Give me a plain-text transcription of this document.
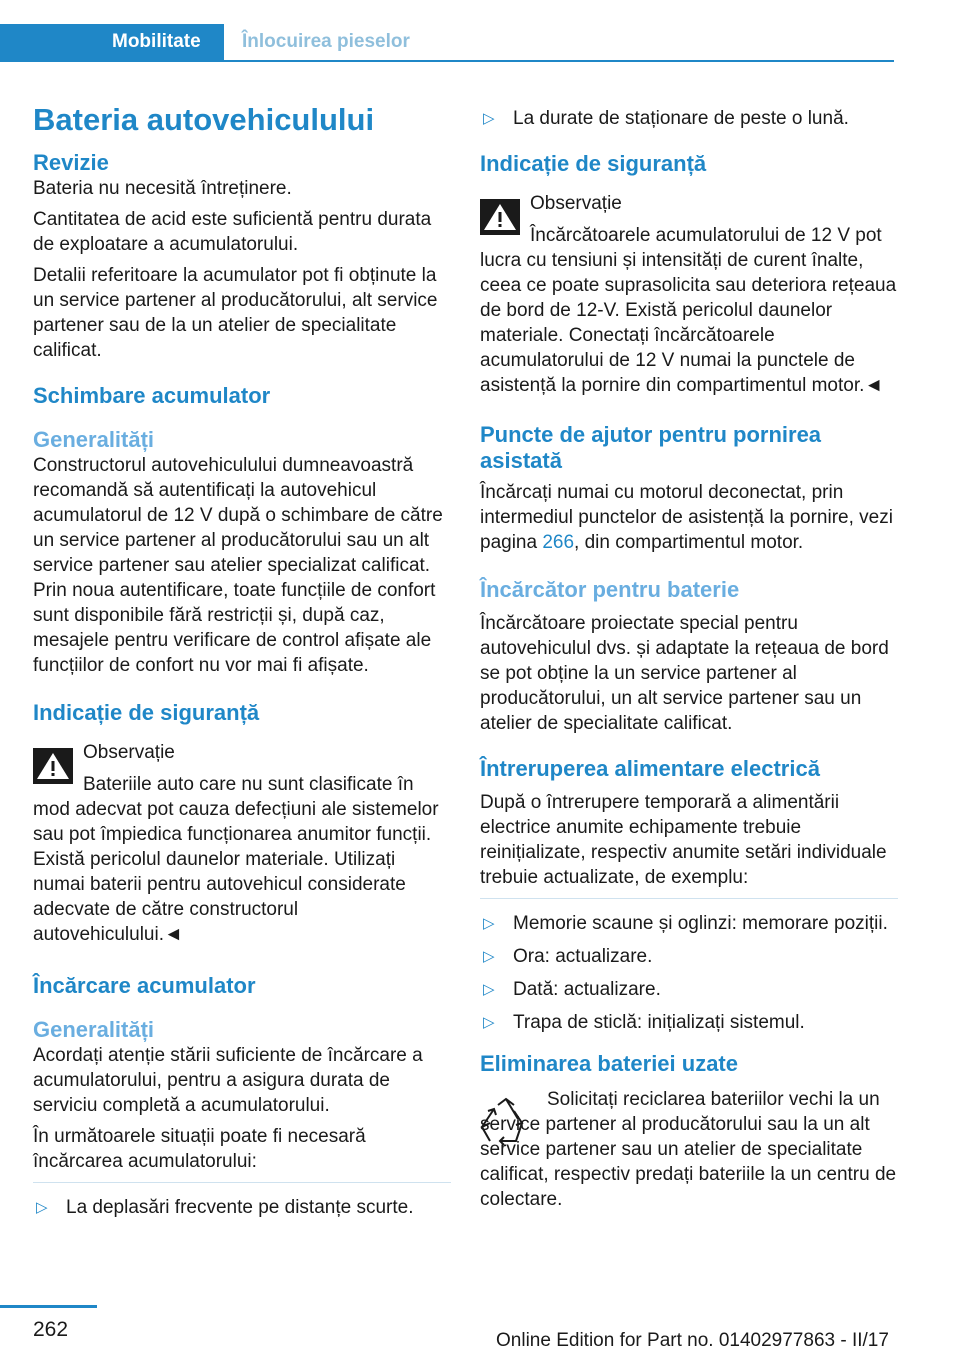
Mobilitate Înlocuirea pieselor
Bateria autovehiculului
Revizie

Bateria nu necesită întreținere.

Cantitatea de acid este suficientă pentru durata de exploatare a acumulatorului.

Detalii referitoare la acumulator pot fi obținute la un service partener al producătorului, alt service partener sau de la un atelier de specialitate calificat.

Schimbare acumulator
Generalități

Constructorul autovehiculului dumneavoastră recomandă să autentificați la autovehicul acumulatorul de 12 V după o schimbare de către un service partener al producătorului sau un alt service partener sau atelier specializat calificat. Prin noua autentificare, toate funcțiile de confort sunt disponibile fără restricții și, după caz, mesajele pentru verificare de control afișate ale funcțiilor de confort nu vor mai fi afișate.

Indicație de siguranță
Observație

Bateriile auto care nu sunt clasificate în mod adecvat pot cauza defecțiuni ale sistemelor sau pot împiedica funcționarea anumitor funcții. Există pericolul daunelor materiale. Utilizați numai baterii pentru autovehicul considerate adecvate de către constructorul autovehiculului.◄

Încărcare acumulator
Generalități

Acordați atenție stării suficiente de încărcare a acumulatorului, pentru a asigura durata de serviciu completă a acumulatorului.

În următoarele situații poate fi necesară încărcarea acumulatorului:

▷
La deplasări frecvente pe distanțe scurte.
▷
La durate de staționare de peste o lună.
Indicație de siguranță
Observație

Încărcătoarele acumulatorului de 12 V pot lucra cu tensiuni și intensități de curent înalte, ceea ce poate suprasolicita sau deteriora rețeaua de bord de 12-V. Există pericolul daunelor materiale. Conectați încărcătoarele acumulatorului de 12 V numai la punctele de asistență la pornire din compartimentul motor.◄

Puncte de ajutor pentru pornirea asistată

Încărcați numai cu motorul deconectat, prin intermediul punctelor de asistență la pornire, vezi pagina 266, din compartimentul motor.

Încărcător pentru baterie

Încărcătoare proiectate special pentru autovehiculul dvs. și adaptate la rețeaua de bord se pot obține la un service partener al producătorului, un alt service partener sau un atelier de specialitate calificat.

Întreruperea alimentare electrică

După o întrerupere temporară a alimentării electrice anumite echipamente trebuie reinițializate, respectiv anumite setări individuale trebuie actualizate, de exemplu:

▷
Memorie scaune și oglinzi: memorare poziții.
▷
Ora: actualizare.
▷
Dată: actualizare.
▷
Trapa de sticlă: inițializați sistemul.
Eliminarea bateriei uzate

Solicitați reciclarea bateriilor vechi la un service partener al producătorului sau la un alt service partener sau un atelier de specialitate calificat, respectiv predați bateriile la un centru de colectare.

262	Online Edition for Part no. 01402977863 - II/17
